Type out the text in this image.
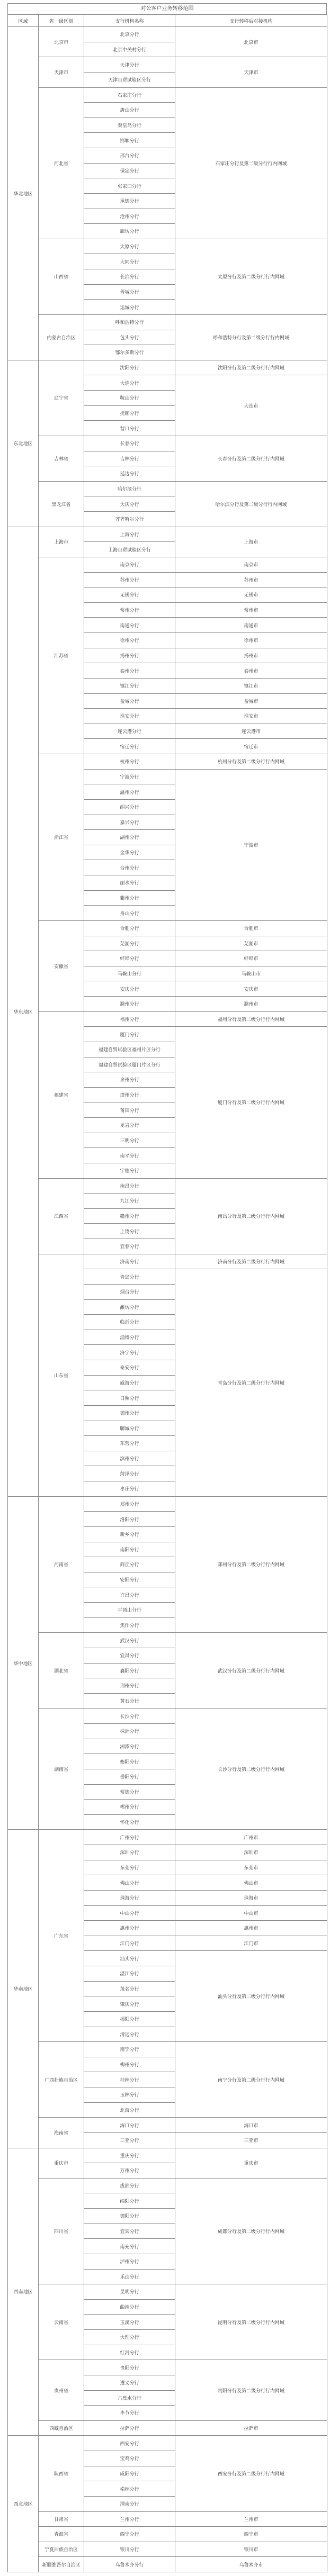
对公客户业务转移范围
区域	省一级区划	支行机构名称	支行转移后对接机构
华北地区	北京市	北京分行	北京市
		北京中关村分行	
	天津市	天津分行	天津市
		天津自贸试验区分行	
	河北省	石家庄分行	石家庄分行及第二级分行行内网域
		唐山分行	
		秦皇岛分行	
		邯郸分行	
		邢台分行	
		保定分行	
		张家口分行	
		承德分行	
		沧州分行	
		廊坊分行	
	山西省	太原分行	太原分行及第二级分行行内网域
		大同分行	
		长治分行	
		晋城分行	
		运城分行	
	内蒙古自治区	呼和浩特分行	呼和浩特分行及第二级分行行内网域
		包头分行	
		鄂尔多斯分行	
东北地区	辽宁省	沈阳分行	沈阳分行及第二级分行行内网域
		大连分行	大连市
		鞍山分行	
		抚顺分行	
		营口分行	
	吉林省	长春分行	长春分行及第二级分行行内网域
		吉林分行	
		延边分行	
	黑龙江省	哈尔滨分行	哈尔滨分行及第二级分行行内网域
		大庆分行	
		齐齐哈尔分行	
华东地区	上海市	上海分行	上海市
		上海自贸试验区分行	
	江苏省	南京分行	南京市
		苏州分行	苏州市
		无锡分行	无锡市
		常州分行	常州市
		南通分行	南通市
		徐州分行	徐州市
		扬州分行	扬州市
		泰州分行	泰州市
		镇江分行	镇江市
		盐城分行	盐城市
		淮安分行	淮安市
		连云港分行	连云港市
		宿迁分行	宿迁市
	浙江省	杭州分行	杭州分行及第二级分行行内网域
		宁波分行	宁波市
		温州分行	
		绍兴分行	
		嘉兴分行	
		湖州分行	
		金华分行	
		台州分行	
		丽水分行	
		衢州分行	
		舟山分行	
	安徽省	合肥分行	合肥市
		芜湖分行	芜湖市
		蚌埠分行	蚌埠市
		马鞍山分行	马鞍山市
		安庆分行	安庆市
		滁州分行	滁州市
	福建省	福州分行	福州分行及第二级分行行内网域
		厦门分行	厦门分行及第二级分行行内网域
		福建自贸试验区福州片区分行	
		福建自贸试验区厦门片区分行	
		泉州分行	
		漳州分行	
		莆田分行	
		龙岩分行	
		三明分行	
		南平分行	
		宁德分行	
	江西省	南昌分行	南昌分行及第二级分行行内网域
		九江分行	
		赣州分行	
		上饶分行	
		宜春分行	
	山东省	济南分行	济南分行及第二级分行行内网域
		青岛分行	青岛分行及第二级分行行内网域
		烟台分行	
		潍坊分行	
		临沂分行	
		淄博分行	
		济宁分行	
		泰安分行	
		威海分行	
		日照分行	
		德州分行	
		聊城分行	
		东营分行	
		滨州分行	
		菏泽分行	
		枣庄分行	
华中地区	河南省	郑州分行	郑州分行及第二级分行行内网域
		洛阳分行	
		新乡分行	
		南阳分行	
		商丘分行	
		安阳分行	
		许昌分行	
		平顶山分行	
		焦作分行	
	湖北省	武汉分行	武汉分行及第二级分行行内网域
		宜昌分行	
		襄阳分行	
		荆州分行	
		黄石分行	
	湖南省	长沙分行	长沙分行及第二级分行行内网域
		株洲分行	
		湘潭分行	
		衡阳分行	
		岳阳分行	
		常德分行	
		郴州分行	
		怀化分行	
华南地区	广东省	广州分行	广州市
		深圳分行	深圳市
		东莞分行	东莞市
		佛山分行	佛山市
		珠海分行	珠海市
		中山分行	中山市
		惠州分行	惠州市
		江门分行	江门市
		汕头分行	汕头分行及第二级分行行内网域
		湛江分行	
		茂名分行	
		肇庆分行	
		揭阳分行	
		清远分行	
	广西壮族自治区	南宁分行	南宁分行及第二级分行行内网域
		柳州分行	
		桂林分行	
		玉林分行	
		北海分行	
	海南省	海口分行	海口市
		三亚分行	三亚市
西南地区	重庆市	重庆分行	重庆市
		万州分行	
	四川省	成都分行	成都分行及第二级分行行内网域
		绵阳分行	
		德阳分行	
		宜宾分行	
		南充分行	
		泸州分行	
		乐山分行	
	云南省	昆明分行	昆明分行及第二级分行行内网域
		曲靖分行	
		玉溪分行	
		大理分行	
		红河分行	
	贵州省	贵阳分行	贵阳分行及第二级分行行内网域
		遵义分行	
		六盘水分行	
		毕节分行	
	西藏自治区	拉萨分行	拉萨市
西北地区	陕西省	西安分行	西安分行及第二级分行行内网域
		宝鸡分行	
		咸阳分行	
		榆林分行	
		渭南分行	
	甘肃省	兰州分行	兰州市
	青海省	西宁分行	西宁市
	宁夏回族自治区	银川分行	银川市
	新疆维吾尔自治区	乌鲁木齐分行	乌鲁木齐市
